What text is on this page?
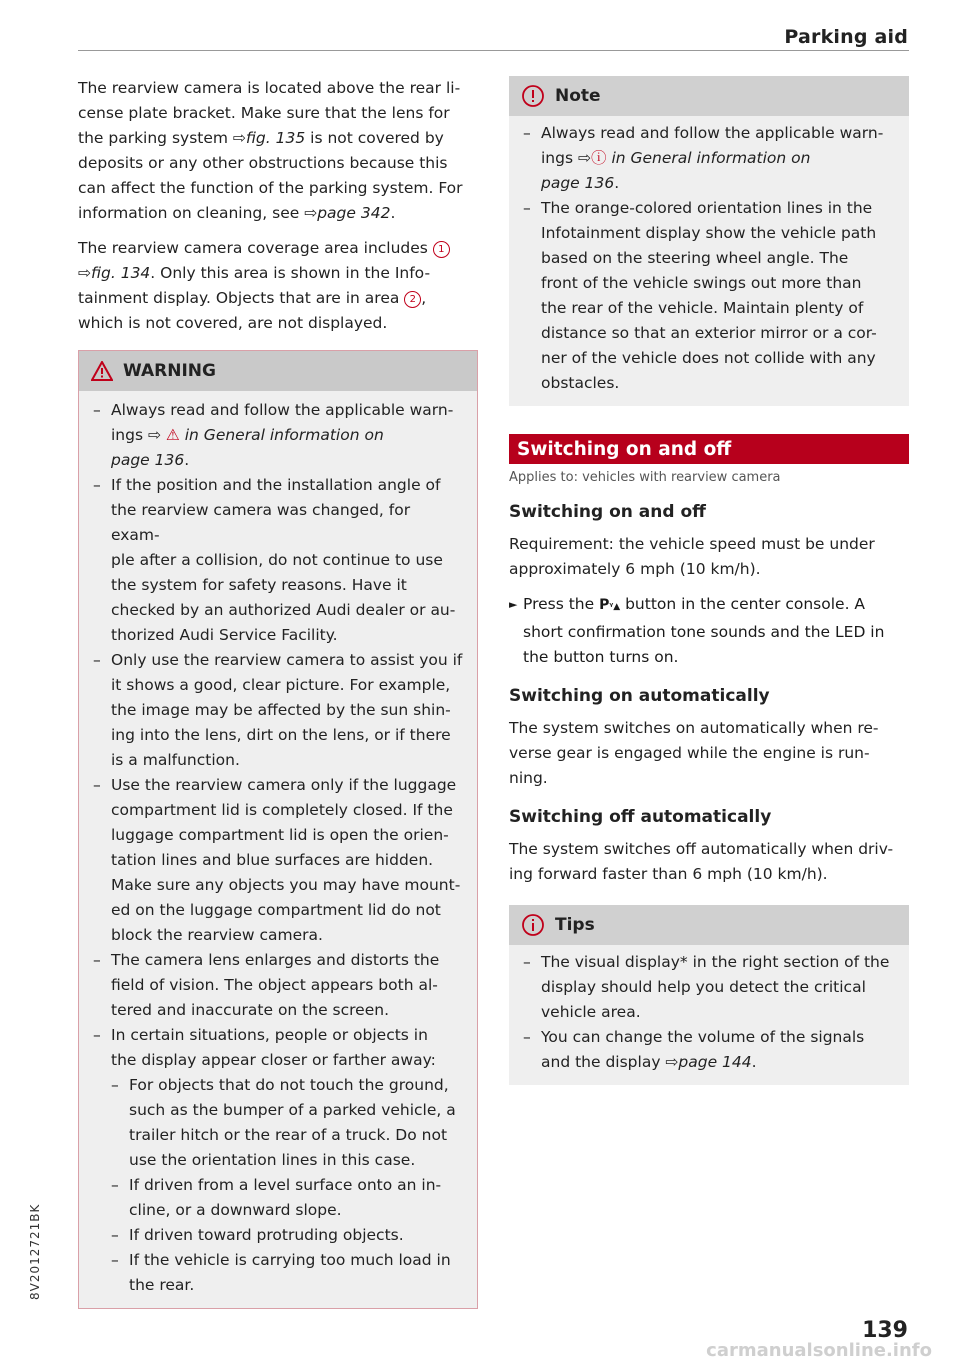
Parking aid

The rearview camera is located above the rear li-
cense plate bracket. Make sure that the lens for
the parking system ⇨fig. 135 is not covered by
deposits or any other obstructions because this
can affect the function of the parking system. For
information on cleaning, see ⇨page 342.

The rearview camera coverage area includes 1
⇨fig. 134. Only this area is shown in the Info-
tainment display. Objects that are in area 2 ,
which is not covered, are not displayed.

WARNING
– Always read and follow the applicable warn-
ings ⇨ ⚠ in General information on
page 136.
– If the position and the installation angle of
the rearview camera was changed, for exam-
ple after a collision, do not continue to use
the system for safety reasons. Have it
checked by an authorized Audi dealer or au-
thorized Audi Service Facility.
– Only use the rearview camera to assist you if
it shows a good, clear picture. For example,
the image may be affected by the sun shin-
ing into the lens, dirt on the lens, or if there
is a malfunction.
– Use the rearview camera only if the luggage
compartment lid is completely closed. If the
luggage compartment lid is open the orien-
tation lines and blue surfaces are hidden.
Make sure any objects you may have mount-
ed on the luggage compartment lid do not
block the rearview camera.
– The camera lens enlarges and distorts the
field of vision. The object appears both al-
tered and inaccurate on the screen.
– In certain situations, people or objects in
the display appear closer or farther away:
– For objects that do not touch the ground,
such as the bumper of a parked vehicle, a
trailer hitch or the rear of a truck. Do not
use the orientation lines in this case.
– If driven from a level surface onto an in-
cline, or a downward slope.
– If driven toward protruding objects.
– If the vehicle is carrying too much load in
the rear.
Note
– Always read and follow the applicable warn-
ings ⇨ⓘ in General information on
page 136.
– The orange-colored orientation lines in the
Infotainment display show the vehicle path
based on the steering wheel angle. The
front of the vehicle swings out more than
the rear of the vehicle. Maintain plenty of
distance so that an exterior mirror or a cor-
ner of the vehicle does not collide with any
obstacles.
Switching on and off
Applies to: vehicles with rearview camera
Switching on and off

Requirement: the vehicle speed must be under
approximately 6 mph (10 km/h).

► Press the Pᵞ▲ button in the center console. A
short confirmation tone sounds and the LED in
the button turns on.
Switching on automatically

The system switches on automatically when re-
verse gear is engaged while the engine is run-
ning.

Switching off automatically

The system switches off automatically when driv-
ing forward faster than 6 mph (10 km/h).

Tips
– The visual display* in the right section of the
display should help you detect the critical
vehicle area.
– You can change the volume of the signals
and the display ⇨page 144.
8V2012721BK
139
carmanualsonline.info
